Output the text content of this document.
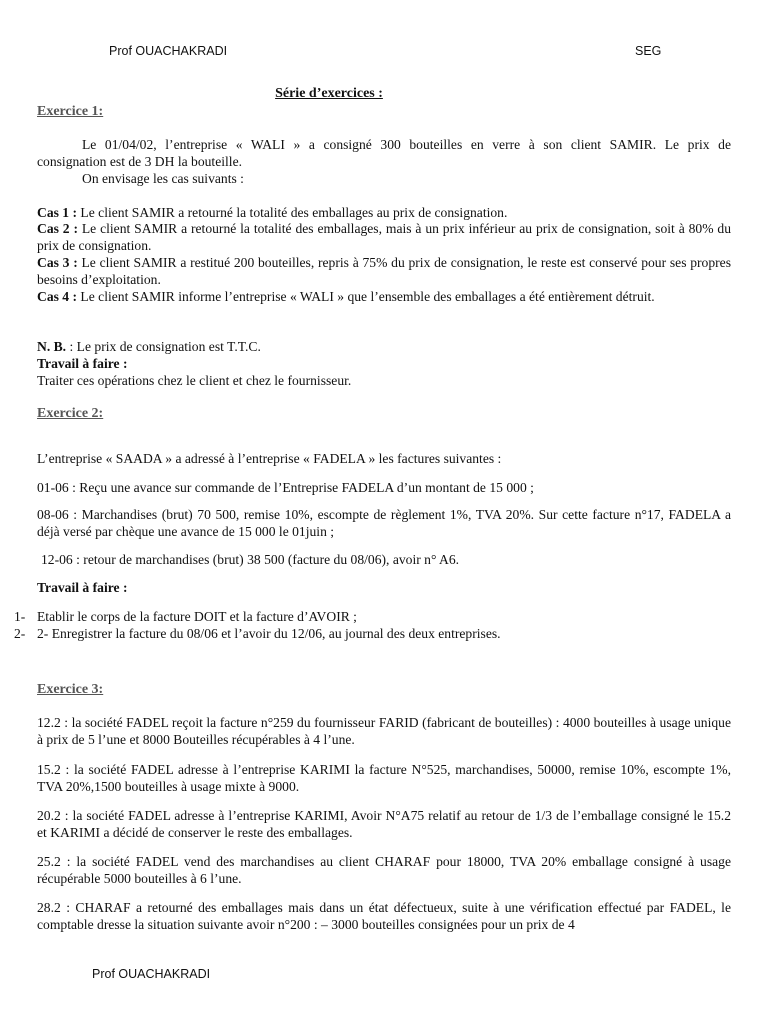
Prof OUACHAKRADI	SEG
Série d’exercices :
Exercice 1:
Le 01/04/02, l’entreprise « WALI » a consigné 300 bouteilles en verre à son client SAMIR. Le prix de
consignation est de 3 DH la bouteille.
On envisage les cas suivants :

Cas 1 : Le client SAMIR a retourné la totalité des emballages au prix de consignation.

Cas 2 : Le client SAMIR a retourné la totalité des emballages, mais à un prix inférieur au prix de consignation, soit à 80% du prix de consignation.

Cas 3 : Le client SAMIR a restitué 200 bouteilles, repris à 75% du prix de consignation, le reste est conservé pour ses propres besoins d’exploitation.

Cas 4 : Le client SAMIR informe l’entreprise « WALI » que l’ensemble des emballages a été entièrement détruit.

N. B. : Le prix de consignation est T.T.C.

Travail à faire :

Traiter ces opérations chez le client et chez le fournisseur.

Exercice 2:

L’entreprise « SAADA » a adressé à l’entreprise « FADELA » les factures suivantes :

01-06 : Reçu une avance sur commande de l’Entreprise FADELA d’un montant de 15 000 ;

08-06 : Marchandises (brut) 70 500, remise 10%, escompte de règlement 1%, TVA 20%. Sur cette facture n°17, FADELA a déjà versé par chèque une avance de 15 000 le 01juin ;

12-06 : retour de marchandises (brut) 38 500 (facture du 08/06), avoir n° A6.

Travail à faire :

1- Etablir le corps de la facture DOIT et la facture d’AVOIR ;

2- 2- Enregistrer la facture du 08/06 et l’avoir du 12/06, au journal des deux entreprises.

Exercice 3:

12.2 : la société FADEL reçoit la facture n°259 du fournisseur FARID (fabricant de bouteilles) : 4000 bouteilles à usage unique à prix de 5 l’une et 8000 Bouteilles récupérables à 4 l’une.

15.2 : la société FADEL adresse à l’entreprise KARIMI la facture N°525, marchandises, 50000, remise 10%, escompte 1%, TVA 20%,1500 bouteilles à usage mixte à 9000.

20.2 : la société FADEL adresse à l’entreprise KARIMI, Avoir N°A75 relatif au retour de 1/3 de l’emballage consigné le 15.2 et KARIMI a décidé de conserver le reste des emballages.

25.2 : la société FADEL vend des marchandises au client CHARAF pour 18000, TVA 20% emballage consigné à usage récupérable 5000 bouteilles à 6 l’une.

28.2 : CHARAF a retourné des emballages mais dans un état défectueux, suite à une vérification effectué par FADEL, le comptable dresse la situation suivante avoir n°200 : – 3000 bouteilles consignées pour un prix de 4

Prof OUACHAKRADI
